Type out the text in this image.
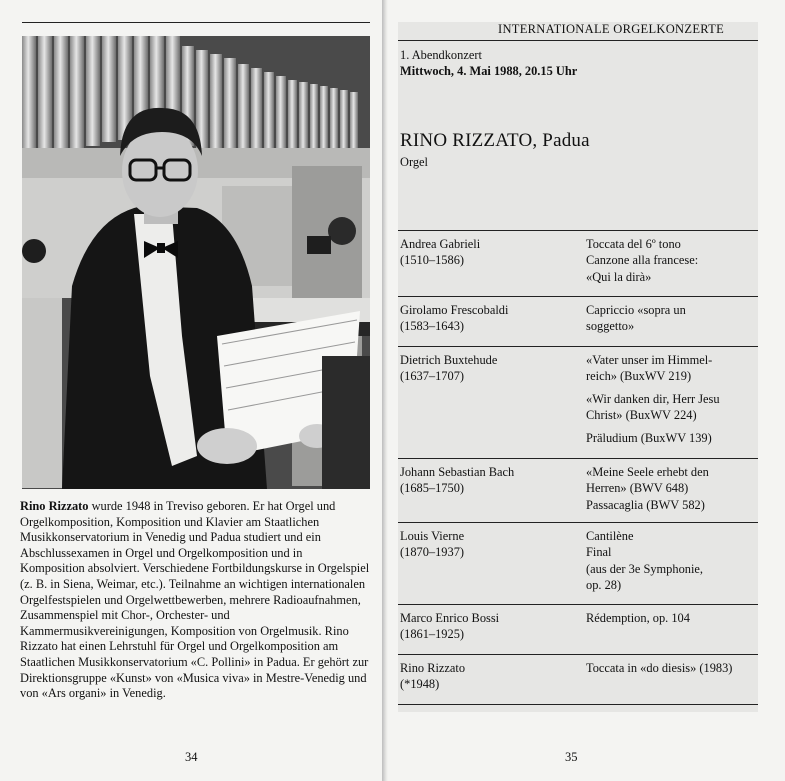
Rino Rizzato wurde 1948 in Treviso geboren. Er hat Orgel und Orgelkomposition, Komposition und Klavier am Staatlichen Musikkonservatorium in Venedig und Padua studiert und ein Abschlussexamen in Orgel und Orgelkomposition und in Komposition absolviert. Verschiedene Fortbildungskurse in Orgelspiel (z. B. in Siena, Weimar, etc.). Teilnahme an wichtigen internationalen Orgelfestspielen und Orgelwettbewerben, mehrere Radioaufnahmen, Zusammenspiel mit Chor-, Orchester- und Kammermusikvereinigungen, Komposition von Orgelmusik. Rino Rizzato hat einen Lehrstuhl für Orgel und Orgelkomposition am Staatlichen Musikkonservatorium «C. Pollini» in Padua. Er gehört zur Direktionsgruppe «Kunst» von «Musica viva» in Mestre-Venedig und von «Ars organi» in Venedig.
34
INTERNATIONALE ORGELKONZERTE
1. Abendkonzert
Mittwoch, 4. Mai 1988, 20.15 Uhr
RINO RIZZATO, Padua
Orgel
Andrea Gabrieli
(1510–1586)
Toccata del 6º tono
Canzone alla francese:
«Qui la dirà»
Girolamo Frescobaldi
(1583–1643)
Capriccio «sopra un
soggetto»
Dietrich Buxtehude
(1637–1707)
«Vater unser im Himmel-
reich» (BuxWV 219)
«Wir danken dir, Herr Jesu
Christ» (BuxWV 224)
Präludium (BuxWV 139)
Johann Sebastian Bach
(1685–1750)
«Meine Seele erhebt den
Herren» (BWV 648)
Passacaglia (BWV 582)
Louis Vierne
(1870–1937)
Cantilène
Final
(aus der 3e Symphonie,
op. 28)
Marco Enrico Bossi
(1861–1925)
Rédemption, op. 104
Rino Rizzato
(*1948)
Toccata in «do diesis» (1983)
35
